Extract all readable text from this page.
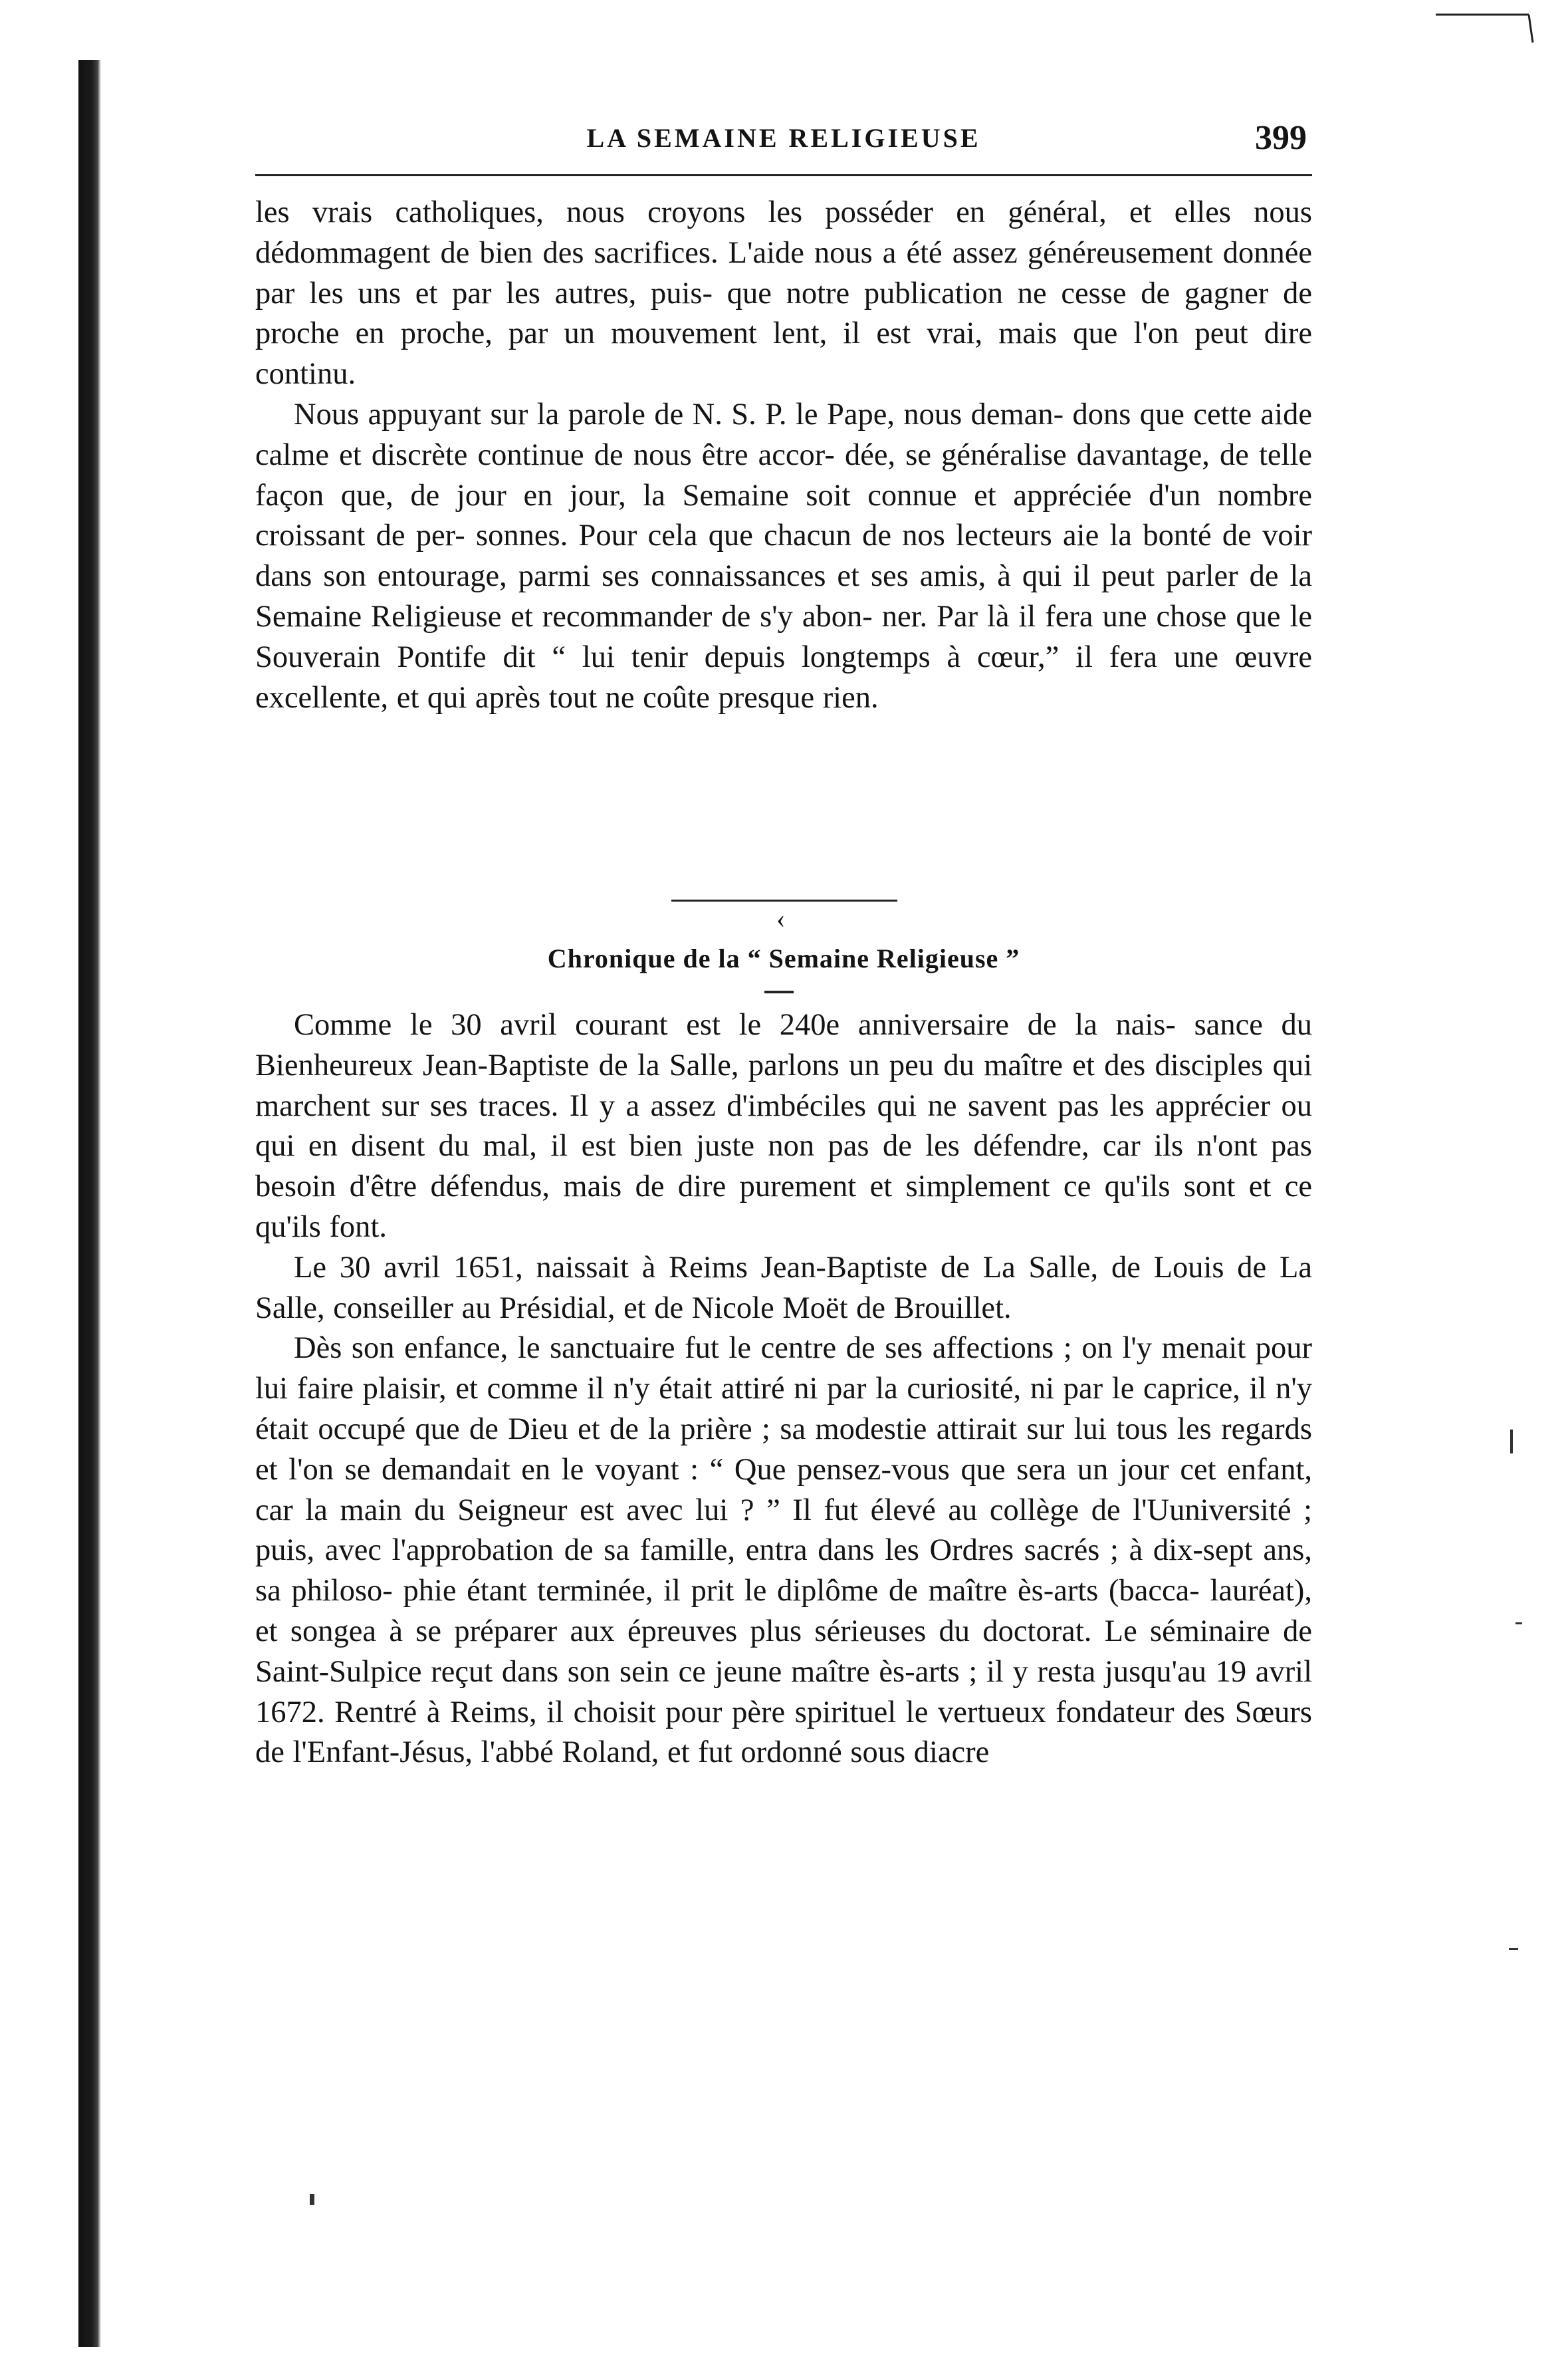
LA SEMAINE RELIGIEUSE	399

les vrais catholiques, nous croyons les posséder en général, et elles nous dédommagent de bien des sacrifices. L'aide nous a été assez généreusement donnée par les uns et par les autres, puis- que notre publication ne cesse de gagner de proche en proche, par un mouvement lent, il est vrai, mais que l'on peut dire continu.

Nous appuyant sur la parole de N. S. P. le Pape, nous deman- dons que cette aide calme et discrète continue de nous être accor- dée, se généralise davantage, de telle façon que, de jour en jour, la Semaine soit connue et appréciée d'un nombre croissant de per- sonnes. Pour cela que chacun de nos lecteurs aie la bonté de voir dans son entourage, parmi ses connaissances et ses amis, à qui il peut parler de la Semaine Religieuse et recommander de s'y abon- ner. Par là il fera une chose que le Souverain Pontife dit “ lui tenir depuis longtemps à cœur,” il fera une œuvre excellente, et qui après tout ne coûte presque rien.

‹
Chronique de la “ Semaine Religieuse ”

Comme le 30 avril courant est le 240e anniversaire de la nais- sance du Bienheureux Jean-Baptiste de la Salle, parlons un peu du maître et des disciples qui marchent sur ses traces. Il y a assez d'imbéciles qui ne savent pas les apprécier ou qui en disent du mal, il est bien juste non pas de les défendre, car ils n'ont pas besoin d'être défendus, mais de dire purement et simplement ce qu'ils sont et ce qu'ils font.

Le 30 avril 1651, naissait à Reims Jean-Baptiste de La Salle, de Louis de La Salle, conseiller au Présidial, et de Nicole Moët de Brouillet.

Dès son enfance, le sanctuaire fut le centre de ses affections ; on l'y menait pour lui faire plaisir, et comme il n'y était attiré ni par la curiosité, ni par le caprice, il n'y était occupé que de Dieu et de la prière ; sa modestie attirait sur lui tous les regards et l'on se demandait en le voyant : “ Que pensez-vous que sera un jour cet enfant, car la main du Seigneur est avec lui ? ” Il fut élevé au collège de l'Uuniversité ; puis, avec l'approbation de sa famille, entra dans les Ordres sacrés ; à dix-sept ans, sa philoso- phie étant terminée, il prit le diplôme de maître ès-arts (bacca- lauréat), et songea à se préparer aux épreuves plus sérieuses du doctorat. Le séminaire de Saint-Sulpice reçut dans son sein ce jeune maître ès-arts ; il y resta jusqu'au 19 avril 1672. Rentré à Reims, il choisit pour père spirituel le vertueux fondateur des Sœurs de l'Enfant-Jésus, l'abbé Roland, et fut ordonné sous diacre
